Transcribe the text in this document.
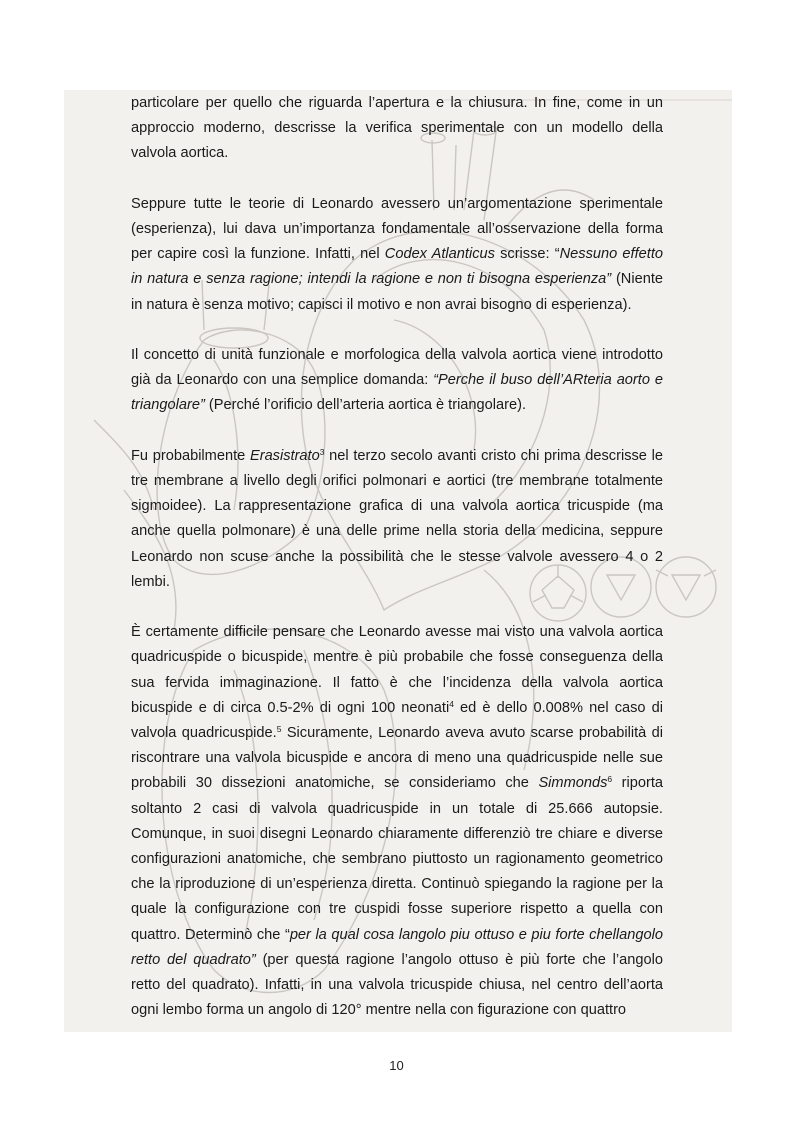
particolare per quello che riguarda l’apertura e la chiusura. In fine, come in un
approccio moderno, descrisse la verifica sperimentale con un modello della
valvola aortica.
Seppure tutte le teorie di Leonardo avessero un’argomentazione sperimentale
(esperienza), lui dava un’importanza fondamentale all’osservazione della forma
per capire così la funzione. Infatti, nel Codex Atlanticus scrisse: “Nessuno effetto
in natura e senza ragione; intendi la ragione e non ti bisogna esperienza” (Niente
in natura è senza motivo; capisci il motivo e non avrai bisogno di esperienza).
Il concetto di unità funzionale e morfologica della valvola aortica viene introdotto
già da Leonardo con una semplice domanda: “Perche il buso dell’ARteria aorto e
triangolare” (Perché l’orificio dell’arteria aortica è triangolare).
Fu probabilmente Erasistrato$^3$ nel terzo secolo avanti cristo chi prima descrisse le
tre membrane a livello degli orifici polmonari e aortici (tre membrane totalmente
sigmoidee). La rappresentazione grafica di una valvola aortica tricuspide (ma
anche quella polmonare) è una delle prime nella storia della medicina, seppure
Leonardo non scuse anche la possibilità che le stesse valvole avessero 4 o 2
lembi.
È certamente difficile pensare che Leonardo avesse mai visto una valvola aortica
quadricuspide o bicuspide, mentre è più probabile che fosse conseguenza della
sua fervida immaginazione. Il fatto è che l’incidenza della valvola aortica
bicuspide e di circa 0.5-2% di ogni 100 neonati$^4$ ed è dello 0.008% nel caso di
valvola quadricuspide.$^5$ Sicuramente, Leonardo aveva avuto scarse probabilità di
riscontrare una valvola bicuspide e ancora di meno una quadricuspide nelle sue
probabili 30 dissezioni anatomiche, se consideriamo che Simmonds$^6$ riporta
soltanto 2 casi di valvola quadricuspide in un totale di 25.666 autopsie.
Comunque, in suoi disegni Leonardo chiaramente differenziò tre chiare e diverse
configurazioni anatomiche, che sembrano piuttosto un ragionamento geometrico
che la riproduzione di un’esperienza diretta. Continuò spiegando la ragione per la
quale la configurazione con tre cuspidi fosse superiore rispetto a quella con
quattro. Determinò che “per la qual cosa langolo piu ottuso e piu forte chellangolo
retto del quadrato” (per questa ragione l’angolo ottuso è più forte che l’angolo
retto del quadrato). Infatti, in una valvola tricuspide chiusa, nel centro dell’aorta
ogni lembo forma un angolo di 120° mentre nella con figurazione con quattro
10
